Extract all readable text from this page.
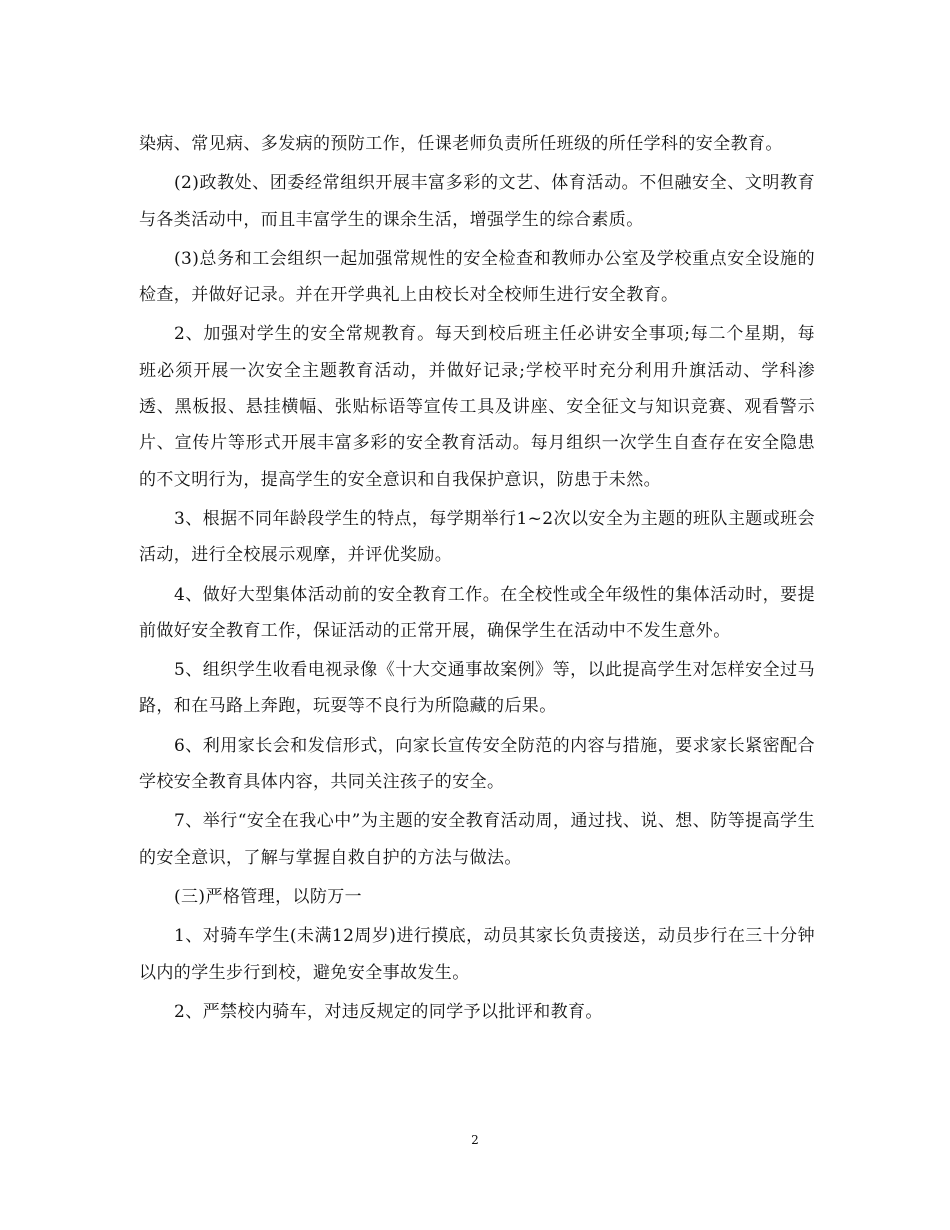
染病、常见病、多发病的预防工作，任课老师负责所任班级的所任学科的安全教育。

(2)政教处、团委经常组织开展丰富多彩的文艺、体育活动。不但融安全、文明教育与各类活动中，而且丰富学生的课余生活，增强学生的综合素质。

(3)总务和工会组织一起加强常规性的安全检查和教师办公室及学校重点安全设施的检查，并做好记录。并在开学典礼上由校长对全校师生进行安全教育。

2、加强对学生的安全常规教育。每天到校后班主任必讲安全事项;每二个星期，每班必须开展一次安全主题教育活动，并做好记录;学校平时充分利用升旗活动、学科渗透、黑板报、悬挂横幅、张贴标语等宣传工具及讲座、安全征文与知识竞赛、观看警示片、宣传片等形式开展丰富多彩的安全教育活动。每月组织一次学生自查存在安全隐患的不文明行为，提高学生的安全意识和自我保护意识，防患于未然。

3、根据不同年龄段学生的特点，每学期举行1~2次以安全为主题的班队主题或班会活动，进行全校展示观摩，并评优奖励。

4、做好大型集体活动前的安全教育工作。在全校性或全年级性的集体活动时，要提前做好安全教育工作，保证活动的正常开展，确保学生在活动中不发生意外。

5、组织学生收看电视录像《十大交通事故案例》等，以此提高学生对怎样安全过马路，和在马路上奔跑，玩耍等不良行为所隐藏的后果。

6、利用家长会和发信形式，向家长宣传安全防范的内容与措施，要求家长紧密配合学校安全教育具体内容，共同关注孩子的安全。

7、举行“安全在我心中”为主题的安全教育活动周，通过找、说、想、防等提高学生的安全意识，了解与掌握自救自护的方法与做法。

(三)严格管理，以防万一

1、对骑车学生(未满12周岁)进行摸底，动员其家长负责接送，动员步行在三十分钟以内的学生步行到校，避免安全事故发生。

2、严禁校内骑车，对违反规定的同学予以批评和教育。

2
